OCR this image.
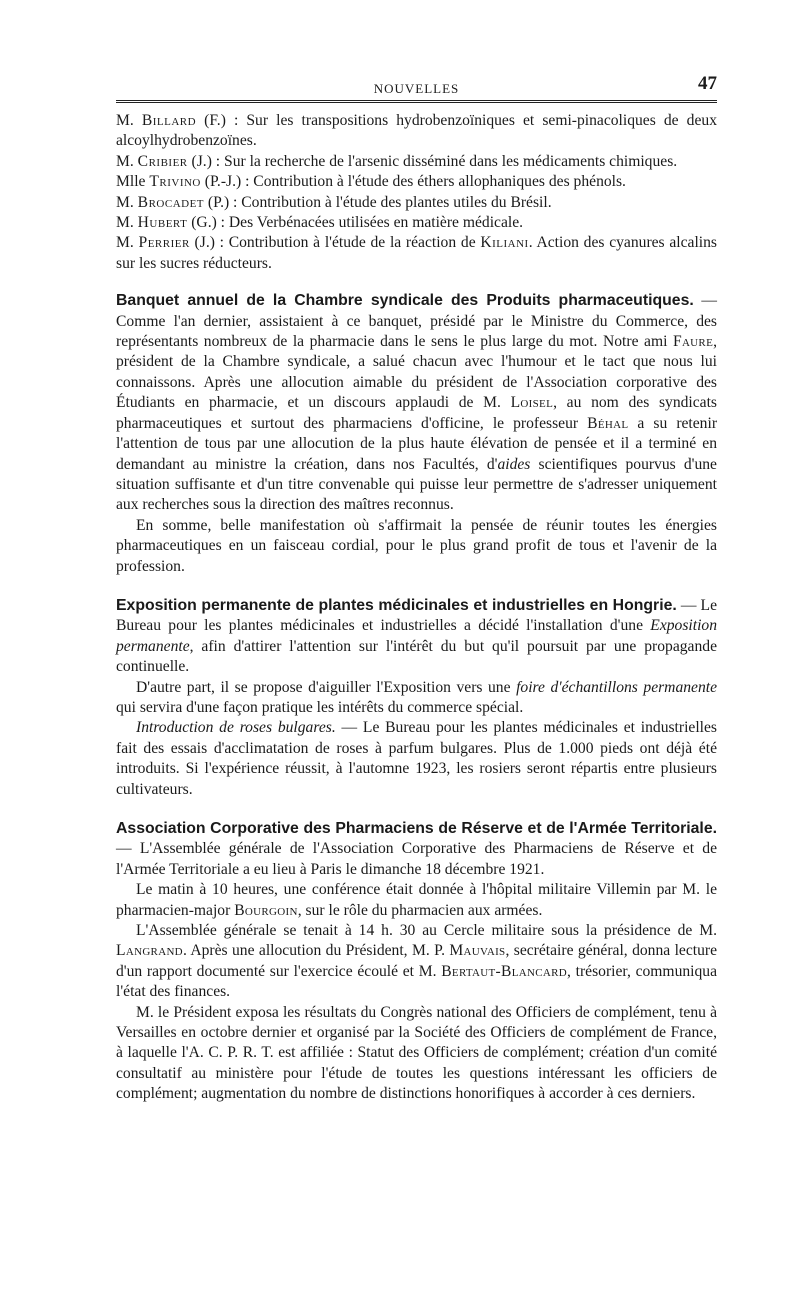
NOUVELLES	47

M. Billard (F.) : Sur les transpositions hydrobenzoïniques et semi-pinacoliques de deux alcoylhydrobenzoïnes.

M. Cribier (J.) : Sur la recherche de l'arsenic disséminé dans les médicaments chimiques.

Mlle Trivino (P.-J.) : Contribution à l'étude des éthers allophaniques des phénols.

M. Brocadet (P.) : Contribution à l'étude des plantes utiles du Brésil.

M. Hubert (G.) : Des Verbénacées utilisées en matière médicale.

M. Perrier (J.) : Contribution à l'étude de la réaction de Kiliani. Action des cyanures alcalins sur les sucres réducteurs.

Banquet annuel de la Chambre syndicale des Produits pharmaceutiques. — Comme l'an dernier, assistaient à ce banquet, présidé par le Ministre du Commerce, des représentants nombreux de la pharmacie dans le sens le plus large du mot. Notre ami Faure, président de la Chambre syndicale, a salué chacun avec l'humour et le tact que nous lui connaissons. Après une allocution aimable du président de l'Association corporative des Étudiants en pharmacie, et un discours applaudi de M. Loisel, au nom des syndicats pharmaceutiques et surtout des pharmaciens d'officine, le professeur Béhal a su retenir l'attention de tous par une allocution de la plus haute élévation de pensée et il a terminé en demandant au ministre la création, dans nos Facultés, d'aides scientifiques pourvus d'une situation suffisante et d'un titre convenable qui puisse leur permettre de s'adresser uniquement aux recherches sous la direction des maîtres reconnus.

En somme, belle manifestation où s'affirmait la pensée de réunir toutes les énergies pharmaceutiques en un faisceau cordial, pour le plus grand profit de tous et l'avenir de la profession.

Exposition permanente de plantes médicinales et industrielles en Hongrie. — Le Bureau pour les plantes médicinales et industrielles a décidé l'installation d'une Exposition permanente, afin d'attirer l'attention sur l'intérêt du but qu'il poursuit par une propagande continuelle.

D'autre part, il se propose d'aiguiller l'Exposition vers une foire d'échantillons permanente qui servira d'une façon pratique les intérêts du commerce spécial.

Introduction de roses bulgares. — Le Bureau pour les plantes médicinales et industrielles fait des essais d'acclimatation de roses à parfum bulgares. Plus de 1.000 pieds ont déjà été introduits. Si l'expérience réussit, à l'automne 1923, les rosiers seront répartis entre plusieurs cultivateurs.

Association Corporative des Pharmaciens de Réserve et de l'Armée Territoriale. — L'Assemblée générale de l'Association Corporative des Pharmaciens de Réserve et de l'Armée Territoriale a eu lieu à Paris le dimanche 18 décembre 1921.

Le matin à 10 heures, une conférence était donnée à l'hôpital militaire Villemin par M. le pharmacien-major Bourgoin, sur le rôle du pharmacien aux armées.

L'Assemblée générale se tenait à 14 h. 30 au Cercle militaire sous la présidence de M. Langrand. Après une allocution du Président, M. P. Mauvais, secrétaire général, donna lecture d'un rapport documenté sur l'exercice écoulé et M. Bertaut-Blancard, trésorier, communiqua l'état des finances.

M. le Président exposa les résultats du Congrès national des Officiers de complément, tenu à Versailles en octobre dernier et organisé par la Société des Officiers de complément de France, à laquelle l'A. C. P. R. T. est affiliée : Statut des Officiers de complément; création d'un comité consultatif au ministère pour l'étude de toutes les questions intéressant les officiers de complément; augmentation du nombre de distinctions honorifiques à accorder à ces derniers.
